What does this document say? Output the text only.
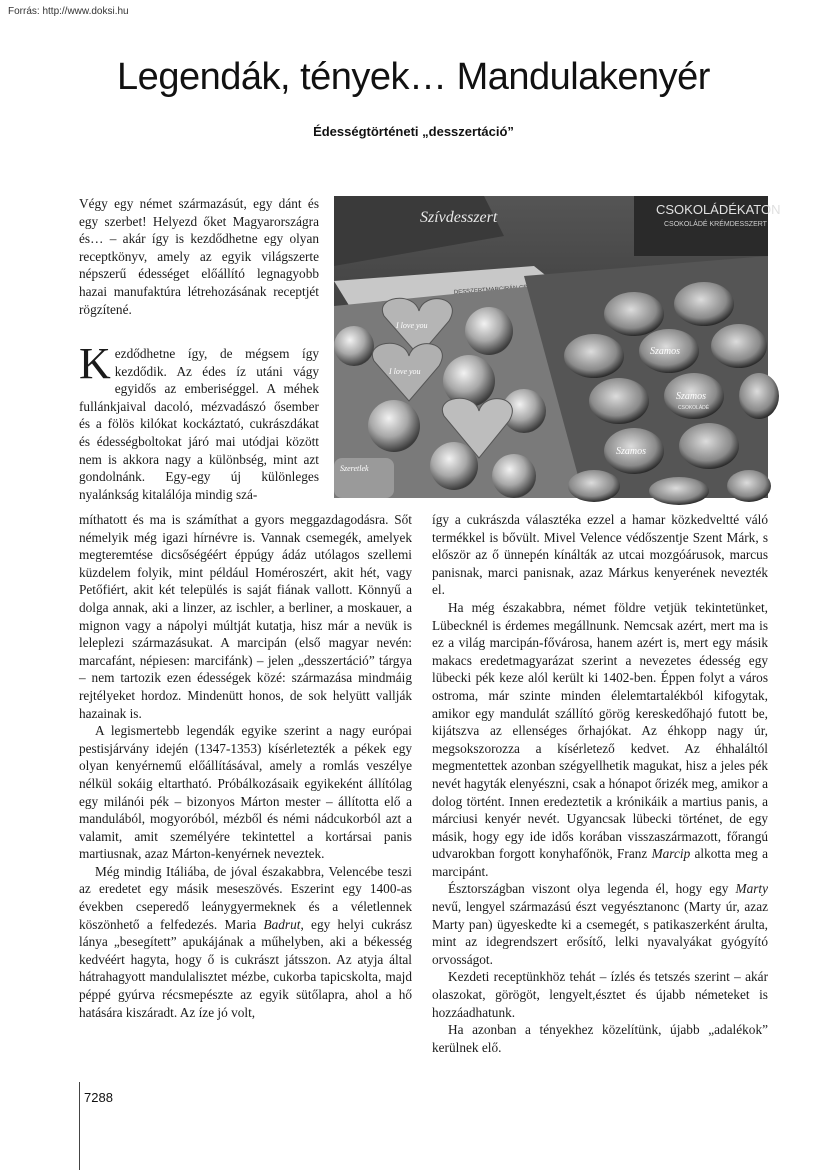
Forrás: http://www.doksi.hu
Legendák, tények… Mandulakenyér
Édességtörténeti „desszertáció”

Végy egy német származásút, egy dánt és egy szerbet! Helyezd őket Magyarországra és… – akár így is kezdődhetne egy olyan receptkönyv, amely az egyik világszerte népszerű édességet előállító legnagyobb hazai manufaktúra létrehozásának receptjét rögzítené.

Kezdődhetne így, de mégsem így kezdődik. Az édes íz utáni vágy egyidős az emberiséggel. A méhek fullánkjaival dacoló, mézvadászó ősember és a fölös kilókat kockáztató, cukrászdákat és édességboltokat járó mai utódjai között nem is akkora nagy a különbség, mint azt gondolnánk. Egy-egy új különleges nyalánkság kitalálója mindig szá-

Szívdesszert	CSOKOLÁDÉKATON
CSOKOLÁDÉ KRÉMDESSZERT
DESSZERTMARCIPÁN
I love you
I love you
Szeretlek
Szamos
Szamos
CSOKOLÁDÉ
Szamos

míthatott és ma is számíthat a gyors meggazdagodásra. Sőt némelyik még igazi hírnévre is. Vannak csemegék, amelyek megteremtése dicsőségéért éppúgy ádáz utólagos szellemi küzdelem folyik, mint például Homéroszért, akit hét, vagy Petőfiért, akit két település is saját fiának vallott. Könnyű a dolga annak, aki a linzer, az ischler, a berliner, a moskauer, a mignon vagy a nápolyi múltját kutatja, hisz már a nevük is leleplezi származásukat. A marcipán (első magyar nevén: marcafánt, népiesen: marcifánk) – jelen „desszertáció” tárgya – nem tartozik ezen édességek közé: származása mindmáig rejtélyeket hordoz. Mindenütt honos, de sok helyütt vallják hazainak is.

A legismertebb legendák egyike szerint a nagy európai pestisjárvány idején (1347-1353) kísérletezték a pékek egy olyan kenyérnemű előállításával, amely a romlás veszélye nélkül sokáig eltartható. Próbálkozásaik egyikeként állítólag egy milánói pék – bizonyos Márton mester – állította elő a mandulából, mogyoróból, mézből és némi nádcukorból azt a valamit, amit személyére tekintettel a kortársai panis martiusnak, azaz Márton-kenyérnek neveztek.

Még mindig Itáliába, de jóval északabbra, Velencébe teszi az eredetet egy másik meseszövés. Eszerint egy 1400-as években cseperedő leánygyermeknek és a véletlennek köszönhető a felfedezés. Maria Badrut, egy helyi cukrász lánya „besegített” apukájának a műhelyben, aki a békesség kedvéért hagyta, hogy ő is cukrászt játsszon. Az atyja által hátrahagyott mandulalisztet mézbe, cukorba tapicskolta, majd péppé gyúrva récsmepészte az egyik sütőlapra, ahol a hő hatására kiszáradt. Az íze jó volt,

így a cukrászda választéka ezzel a hamar közkedveltté váló termékkel is bővült. Mivel Velence védőszentje Szent Márk, s először az ő ünnepén kínálták az utcai mozgóárusok, marcus panisnak, marci panisnak, azaz Márkus kenyerének nevezték el.

Ha még északabbra, német földre vetjük tekintetünket, Lübecknél is érdemes megállnunk. Nemcsak azért, mert ma is ez a világ marcipán-fővárosa, hanem azért is, mert egy másik makacs eredetmagyarázat szerint a nevezetes édesség egy lübecki pék keze alól került ki 1402-ben. Éppen folyt a város ostroma, már szinte minden élelemtartalékból kifogytak, amikor egy mandulát szállító görög kereskedőhajó futott be, kijátszva az ellenséges őrhajókat. Az éhkopp nagy úr, megsokszorozza a kísérletező kedvet. Az éhhaláltól megmentettek azonban szégyellhetik magukat, hisz a jeles pék nevét hagyták elenyészni, csak a hónapot őrizék meg, amikor a dolog történt. Innen eredeztetik a krónikáik a martius panis, a márciusi kenyér nevét. Ugyancsak lübecki történet, de egy másik, hogy egy ide idős korában visszaszármazott, főrangú udvarokban forgott konyhafőnök, Franz Marcip alkotta meg a marcipánt.

Észtországban viszont olya legenda él, hogy egy Marty nevű, lengyel származású észt vegyésztanonc (Marty úr, azaz Marty pan) ügyeskedte ki a csemegét, s patikaszerként árulta, mint az idegrendszert erősítő, lelki nyavalyákat gyógyító orvosságot.

Kezdeti receptünkhöz tehát – ízlés és tetszés szerint – akár olaszokat, görögöt, lengyelt,észtet és újabb németeket is hozzáadhatunk.

Ha azonban a tényekhez közelítünk, újabb „adalékok” kerülnek elő.

7288
